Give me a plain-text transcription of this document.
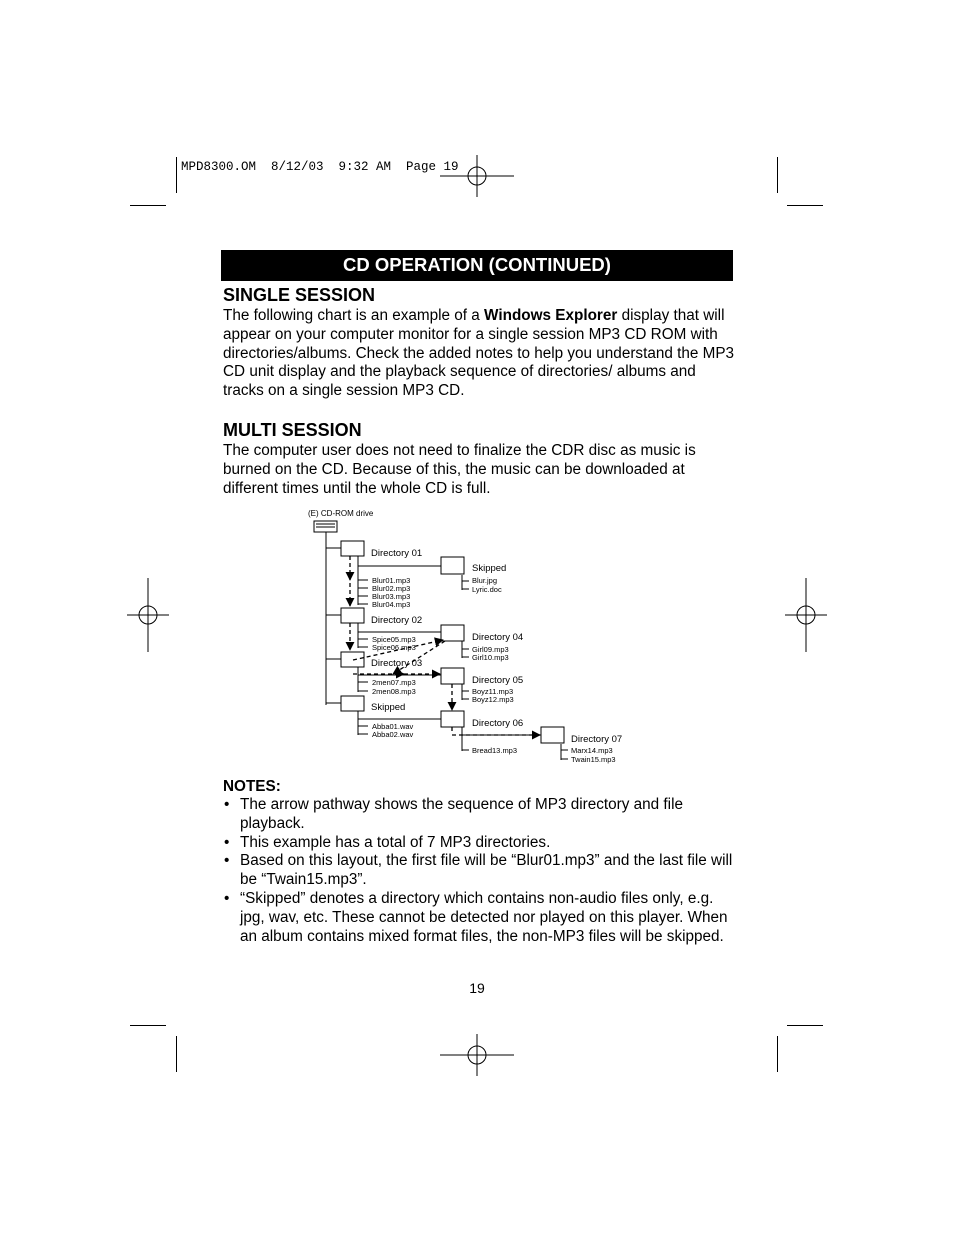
MPD8300.OM  8/12/03  9:32 AM  Page 19
CD OPERATION (CONTINUED)
SINGLE SESSION
The following chart is an example of a Windows Explorer display that will appear on your computer monitor for a single session MP3 CD ROM with directories/albums. Check the added notes to help you understand the MP3 CD unit display and the playback sequence of directories/ albums and tracks on a single session MP3 CD.
MULTI SESSION
The computer user does not need to finalize the CDR disc as music is burned on the CD. Because of this, the music can be downloaded at different times until the whole CD is full.
(E) CD-ROM drive
Directory 01
Skipped
Blur01.mp3
Blur02.mp3
Blur03.mp3
Blur04.mp3
Blur.jpg
Lyric.doc
Directory 02
Spice05.mp3
Spice06.mp3
Directory 04
Girl09.mp3
Girl10.mp3
Directory 03
2men07.mp3
2men08.mp3
Directory 05
Boyz11.mp3
Boyz12.mp3
Skipped
Abba01.wav
Abba02.wav
Directory 06
Bread13.mp3
Directory 07
Marx14.mp3
Twain15.mp3
NOTES:
• The arrow pathway shows the sequence of MP3 directory and file playback.
• This example has a total of 7 MP3 directories.
• Based on this layout, the first file will be “Blur01.mp3” and the last file will be “Twain15.mp3”.
• “Skipped” denotes a directory which contains non-audio files only, e.g. jpg, wav, etc. These cannot be detected nor played on this player. When an album contains mixed format files, the non-MP3 files will be skipped.
19
